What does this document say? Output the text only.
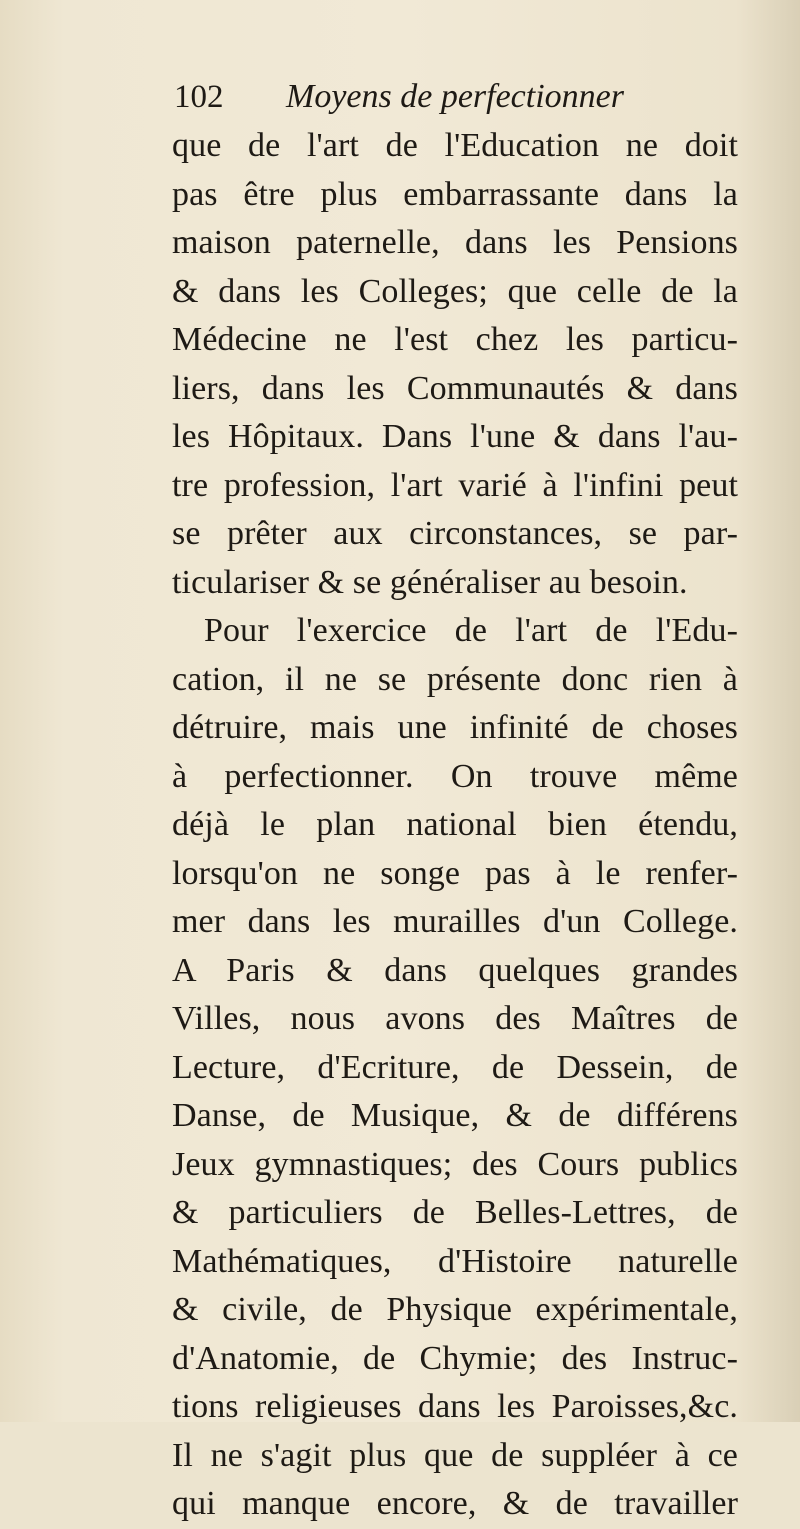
102 Moyens de perfectionner
que de l'art de l'Education ne doit
pas être plus embarrassante dans la
maison paternelle, dans les Pensions
& dans les Colleges; que celle de la
Médecine ne l'est chez les particu-
liers, dans les Communautés & dans
les Hôpitaux. Dans l'une & dans l'au-
tre profession, l'art varié à l'infini peut
se prêter aux circonstances, se par-
ticulariser & se généraliser au besoin.
Pour l'exercice de l'art de l'Edu-
cation, il ne se présente donc rien à
détruire, mais une infinité de choses
à perfectionner. On trouve même
déjà le plan national bien étendu,
lorsqu'on ne songe pas à le renfer-
mer dans les murailles d'un College.
A Paris & dans quelques grandes
Villes, nous avons des Maîtres de
Lecture, d'Ecriture, de Dessein, de
Danse, de Musique, & de différens
Jeux gymnastiques; des Cours publics
& particuliers de Belles-Lettres, de
Mathématiques, d'Histoire naturelle
& civile, de Physique expérimentale,
d'Anatomie, de Chymie; des Instruc-
tions religieuses dans les Paroisses,&c.
Il ne s'agit plus que de suppléer à ce
qui manque encore, & de travailler
